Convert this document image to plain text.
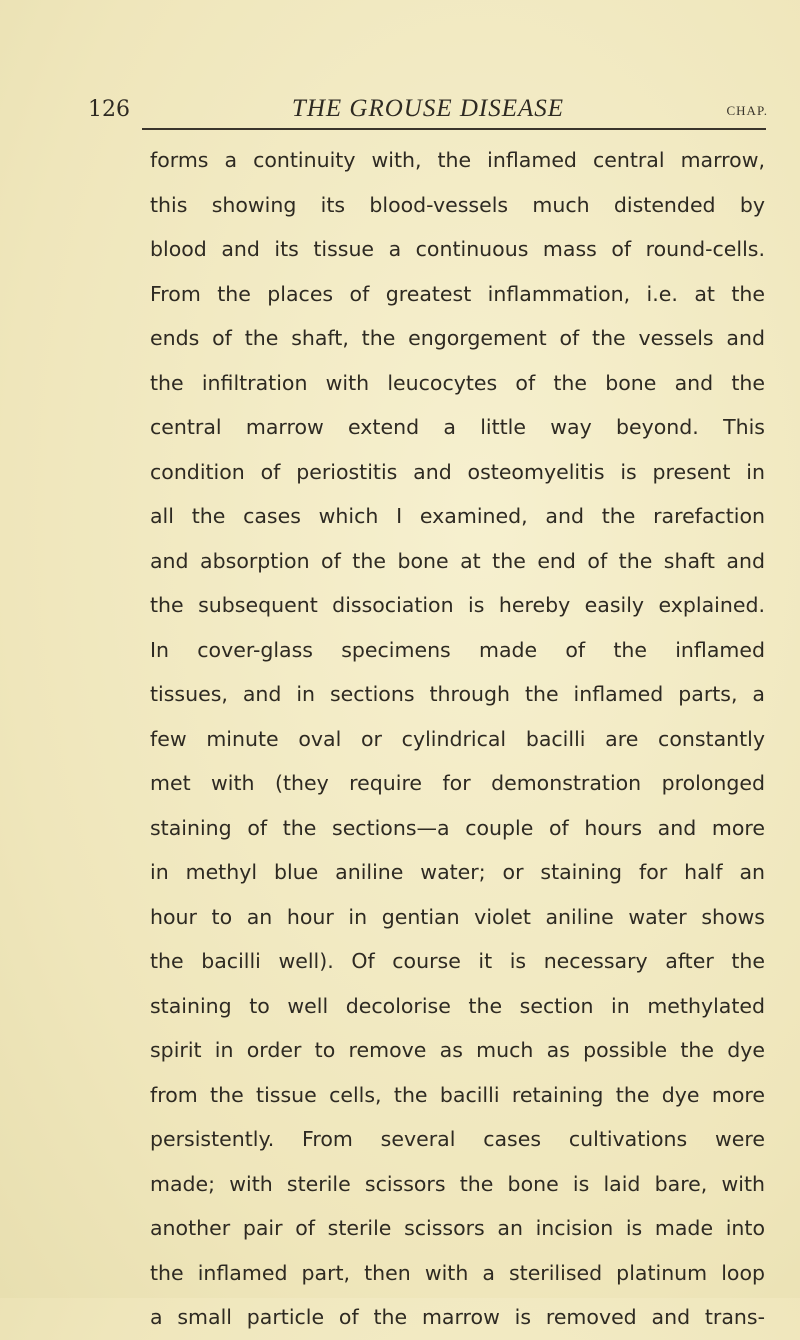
126	THE GROUSE DISEASE	CHAP.
forms a continuity with, the inflamed central marrow,
this showing its blood-vessels much distended by
blood and its tissue a continuous mass of round-cells.
From the places of greatest inflammation, i.e. at the
ends of the shaft, the engorgement of the vessels and
the infiltration with leucocytes of the bone and the
central marrow extend a little way beyond. This
condition of periostitis and osteomyelitis is present in
all the cases which I examined, and the rarefaction
and absorption of the bone at the end of the shaft and
the subsequent dissociation is hereby easily explained.
In cover-glass specimens made of the inflamed
tissues, and in sections through the inflamed parts, a
few minute oval or cylindrical bacilli are constantly
met with (they require for demonstration prolonged
staining of the sections—a couple of hours and more
in methyl blue aniline water; or staining for half an
hour to an hour in gentian violet aniline water shows
the bacilli well). Of course it is necessary after the
staining to well decolorise the section in methylated
spirit in order to remove as much as possible the dye
from the tissue cells, the bacilli retaining the dye more
persistently. From several cases cultivations were
made; with sterile scissors the bone is laid bare, with
another pair of sterile scissors an incision is made into
the inflamed part, then with a sterilised platinum loop
a small particle of the marrow is removed and trans-
